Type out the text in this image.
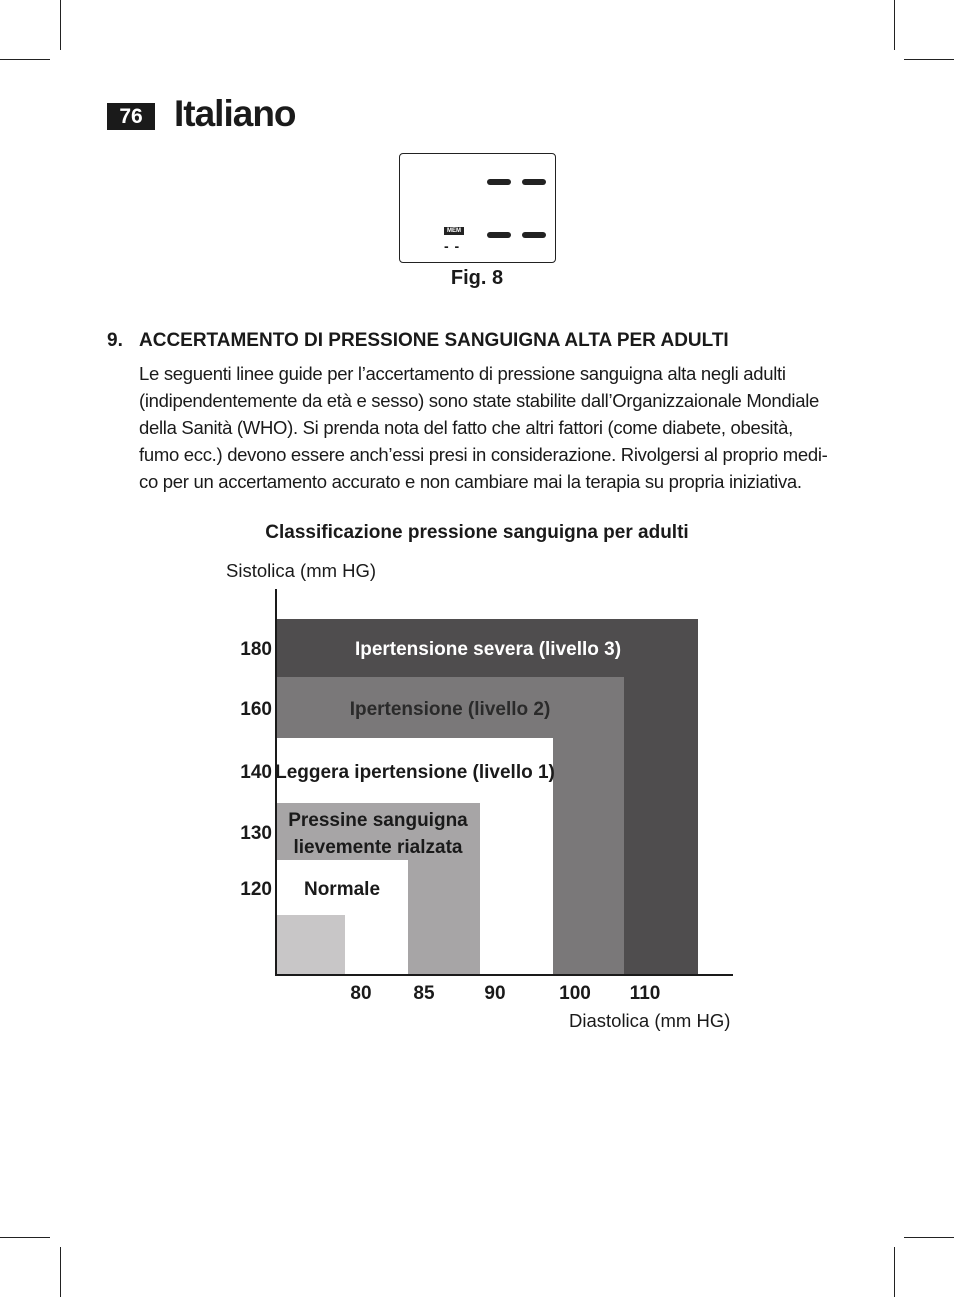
76 Italiano
MEM
- -
Fig. 8
9. ACCERTAMENTO DI PRESSIONE SANGUIGNA ALTA PER ADULTI
Le seguenti linee guide per l’accertamento di pressione sanguigna alta negli adulti
(indipendentemente da età e sesso) sono state stabilite dall’Organizzaionale Mondiale
della Sanità (WHO). Si prenda nota del fatto che altri fattori (come diabete, obesità,
fumo ecc.) devono essere anch’essi presi in considerazione. Rivolgersi al proprio medi-
co per un accertamento accurato e non cambiare mai la terapia su propria iniziativa.
Classificazione pressione sanguigna per adulti
Sistolica (mm HG)
Diastolica (mm HG)
Ipertensione severa (livello 3)
Ipertensione (livello 2)
Leggera ipertensione (livello 1)
Pressine sanguigna lievemente rialzata
Normale
180
160
140
130
120
80 85	90	100 110
